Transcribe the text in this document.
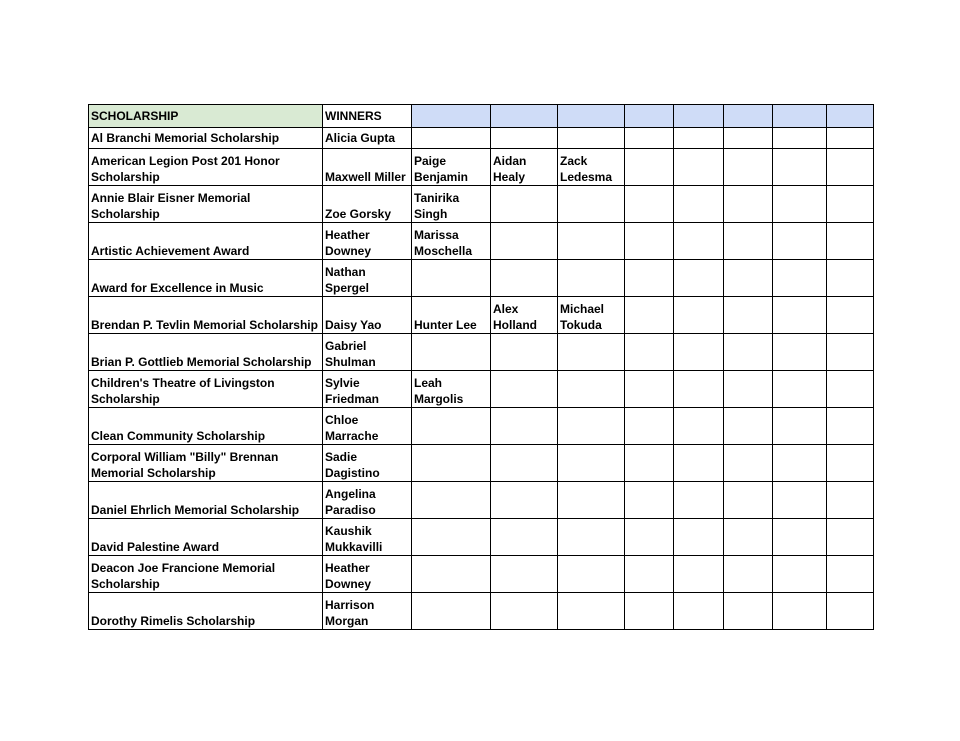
SCHOLARSHIP	WINNERS								
Al Branchi Memorial Scholarship	Alicia Gupta								
American Legion Post 201 Honor Scholarship	Maxwell Miller	Paige Benjamin	Aidan Healy	Zack Ledesma					
Annie Blair Eisner Memorial Scholarship	Zoe Gorsky	Tanirika Singh							
Artistic Achievement Award	Heather Downey	Marissa Moschella							
Award for Excellence in Music	Nathan Spergel								
Brendan P. Tevlin Memorial Scholarship	Daisy Yao	Hunter Lee	Alex Holland	Michael Tokuda					
Brian P. Gottlieb Memorial Scholarship	Gabriel Shulman								
Children's Theatre of Livingston Scholarship	Sylvie Friedman	Leah Margolis							
Clean Community Scholarship	Chloe Marrache								
Corporal William "Billy" Brennan Memorial Scholarship	Sadie Dagistino								
Daniel Ehrlich Memorial Scholarship	Angelina Paradiso								
David Palestine Award	Kaushik Mukkavilli								
Deacon Joe Francione Memorial Scholarship	Heather Downey								
Dorothy Rimelis Scholarship	Harrison Morgan								
